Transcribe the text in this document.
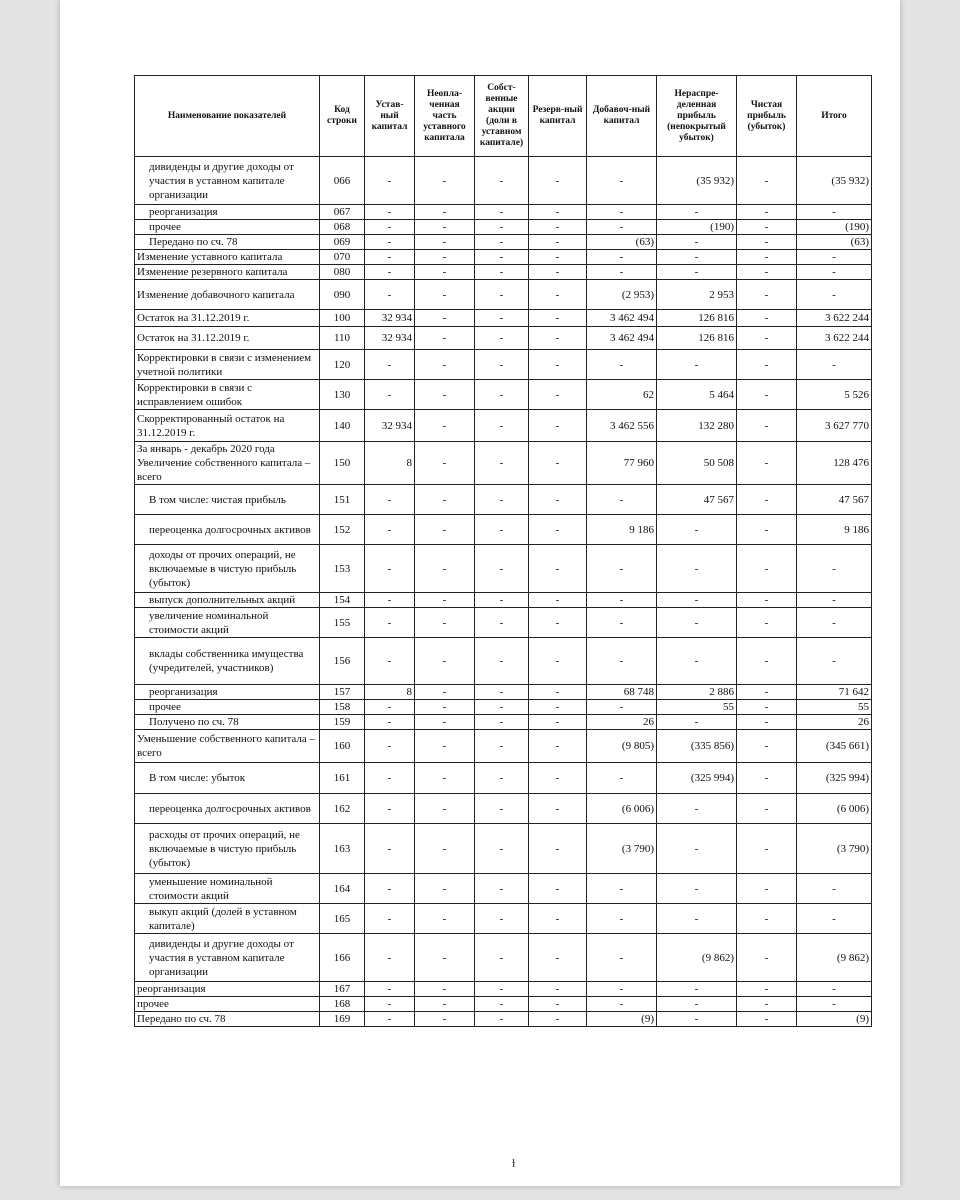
Наименование показателей	Код строки	Устав-ный капитал	Неопла-ченная часть уставного капитала	Собст-венные акции (доли в уставном капитале)	Резерв-ный капитал	Добавоч-ный капитал	Нераспре-деленная прибыль (непокрытый убыток)	Чистая прибыль (убыток)	Итого
дивиденды и другие доходы от участия в уставном капитале организации	066	-	-	-	-	-	(35 932)	-	(35 932)
реорганизация	067	-	-	-	-	-	-	-	-
прочее	068	-	-	-	-	-	(190)	-	(190)
Передано по сч. 78	069	-	-	-	-	(63)	-	-	(63)
Изменение уставного капитала	070	-	-	-	-	-	-	-	-
Изменение резервного капитала	080	-	-	-	-	-	-	-	-
Изменение добавочного капитала	090	-	-	-	-	(2 953)	2 953	-	-
Остаток на 31.12.2019 г.	100	32 934	-	-	-	3 462 494	126 816	-	3 622 244
Остаток на 31.12.2019 г.	110	32 934	-	-	-	3 462 494	126 816	-	3 622 244
Корректировки в связи с изменением учетной политики	120	-	-	-	-	-	-	-	-
Корректировки в связи с исправлением ошибок	130	-	-	-	-	62	5 464	-	5 526
Скорректированный остаток на 31.12.2019 г.	140	32 934	-	-	-	3 462 556	132 280	-	3 627 770
За январь - декабрь 2020 года Увеличение собственного капитала – всего	150	8	-	-	-	77 960	50 508	-	128 476
В том числе: чистая прибыль	151	-	-	-	-	-	47 567	-	47 567
переоценка долгосрочных активов	152	-	-	-	-	9 186	-	-	9 186
доходы от прочих операций, не включаемые в чистую прибыль (убыток)	153	-	-	-	-	-	-	-	-
выпуск дополнительных акций	154	-	-	-	-	-	-	-	-
увеличение номинальной стоимости акций	155	-	-	-	-	-	-	-	-
вклады собственника имущества (учредителей, участников)	156	-	-	-	-	-	-	-	-
реорганизация	157	8	-	-	-	68 748	2 886	-	71 642
прочее	158	-	-	-	-	-	55	-	55
Получено по сч. 78	159	-	-	-	-	26	-	-	26
Уменьшение собственного капитала – всего	160	-	-	-	-	(9 805)	(335 856)	-	(345 661)
В том числе: убыток	161	-	-	-	-	-	(325 994)	-	(325 994)
переоценка долгосрочных активов	162	-	-	-	-	(6 006)	-	-	(6 006)
расходы от прочих операций, не включаемые в чистую прибыль (убыток)	163	-	-	-	-	(3 790)	-	-	(3 790)
уменьшение номинальной стоимости акций	164	-	-	-	-	-	-	-	-
выкуп акций (долей в уставном капитале)	165	-	-	-	-	-	-	-	-
дивиденды и другие доходы от участия в уставном капитале организации	166	-	-	-	-	-	(9 862)	-	(9 862)
реорганизация	167	-	-	-	-	-	-	-	-
прочее	168	-	-	-	-	-	-	-	-
Передано по сч. 78	169	-	-	-	-	(9)	-	-	(9)
ƚ
